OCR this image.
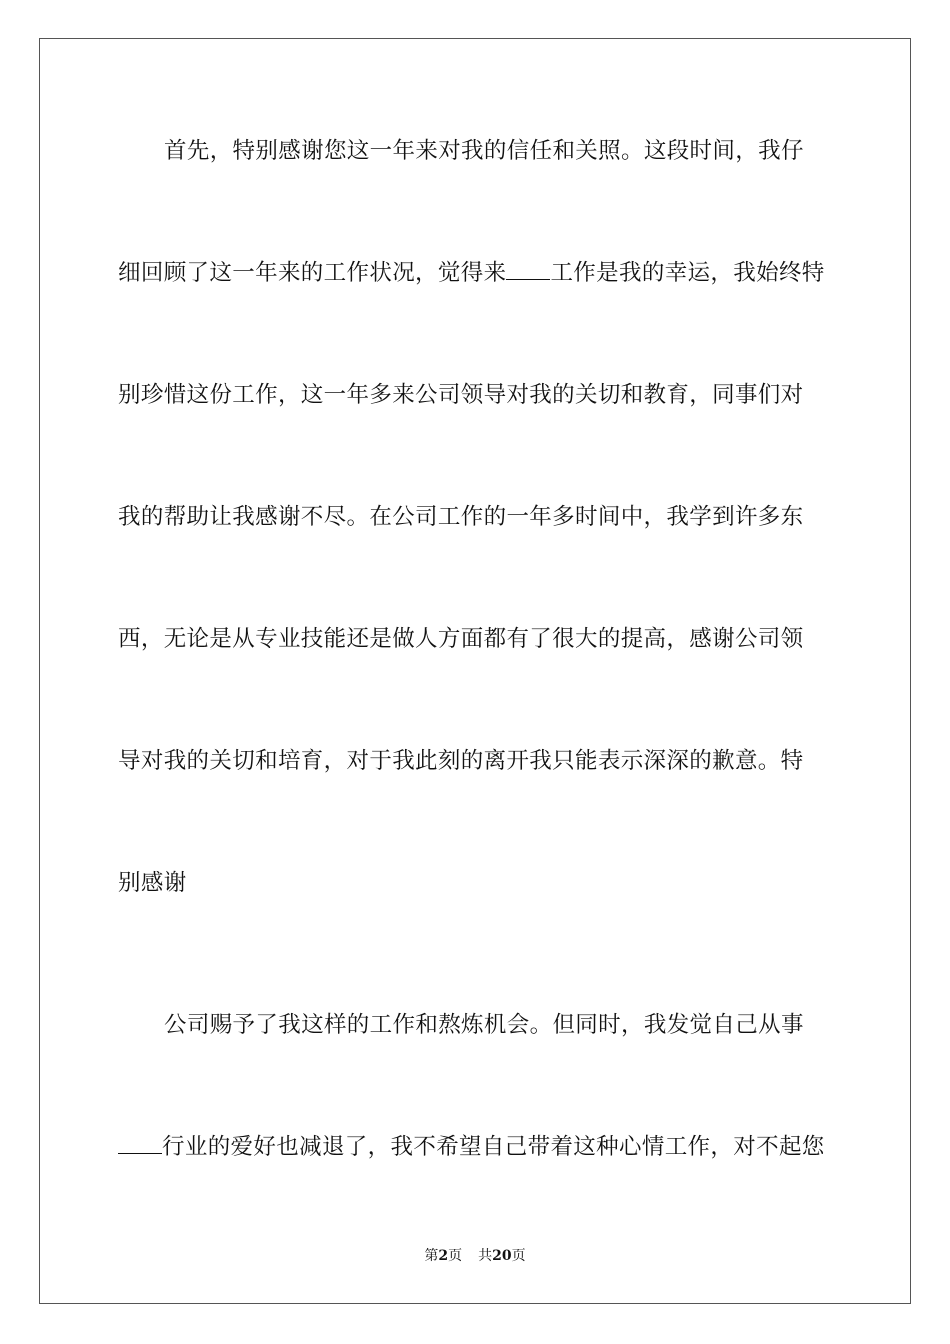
首先，特别感谢您这一年来对我的信任和关照。这段时间，我仔
细回顾了这一年来的工作状况，觉得来 工作是我的幸运，我始终特
别珍惜这份工作，这一年多来公司领导对我的关切和教育，同事们对
我的帮助让我感谢不尽。在公司工作的一年多时间中，我学到许多东
西，无论是从专业技能还是做人方面都有了很大的提高，感谢公司领
导对我的关切和培育，对于我此刻的离开我只能表示深深的歉意。特
别感谢
公司赐予了我这样的工作和熬炼机会。但同时，我发觉自己从事
行业的爱好也减退了，我不希望自己带着这种心情工作，对不起您
第2页 共20页
